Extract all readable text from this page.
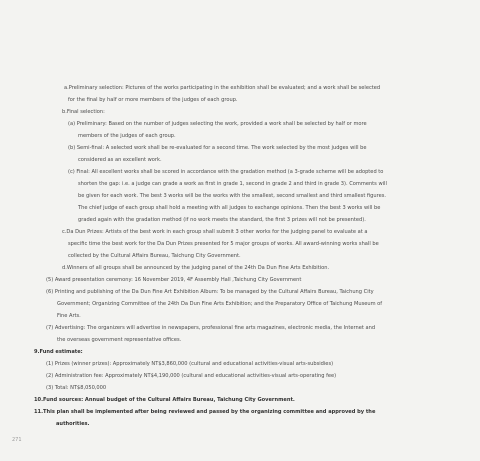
a.Preliminary selection: Pictures of the works participating in the exhibition shall be evaluated; and a work shall be selected
for the final by half or more members of the judges of each group.
b.Final selection:
(a) Preliminary: Based on the number of judges selecting the work, provided a work shall be selected by half or more
members of the judges of each group.
(b) Semi-final: A selected work shall be re-evaluated for a second time. The work selected by the most judges will be
considered as an excellent work.
(c) Final: All excellent works shall be scored in accordance with the gradation method (a 3-grade scheme will be adopted to
shorten the gap: i.e. a judge can grade a work as first in grade 1, second in grade 2 and third in grade 3). Comments will
be given for each work. The best 3 works will be the works with the smallest, second smallest and third smallest figures.
The chief judge of each group shall hold a meeting with all judges to exchange opinions. Then the best 3 works will be
graded again with the gradation method (if no work meets the standard, the first 3 prizes will not be presented).
c.Da Dun Prizes: Artists of the best work in each group shall submit 3 other works for the judging panel to evaluate at a
specific time the best work for the Da Dun Prizes presented for 5 major groups of works. All award-winning works shall be
collected by the Cultural Affairs Bureau, Taichung City Government.
d.Winners of all groups shall be announced by the judging panel of the 24th Da Dun Fine Arts Exhibition.
(5) Award presentation ceremony: 16 November 2019, 4F Assembly Hall ,Taichung City Government
(6) Printing and publishing of the Da Dun Fine Art Exhibition Album: To be managed by the Cultural Affairs Bureau, Taichung City
Government; Organizing Committee of the 24th Da Dun Fine Arts Exhibition; and the Preparatory Office of Taichung Museum of
Fine Arts.
(7) Advertising: The organizers will advertise in newspapers, professional fine arts magazines, electronic media, the Internet and
the overseas government representative offices.
9.Fund estimate:
(1) Prizes (winner prizes): Approximately NT$3,860,000 (cultural and educational activities-visual arts-subsidies)
(2) Administration fee: Approximately NT$4,190,000 (cultural and educational activities-visual arts-operating fee)
(3) Total: NT$8,050,000
10.Fund sources: Annual budget of the Cultural Affairs Bureau, Taichung City Government.
11.This plan shall be implemented after being reviewed and passed by the organizing committee and approved by the
authorities.
271
